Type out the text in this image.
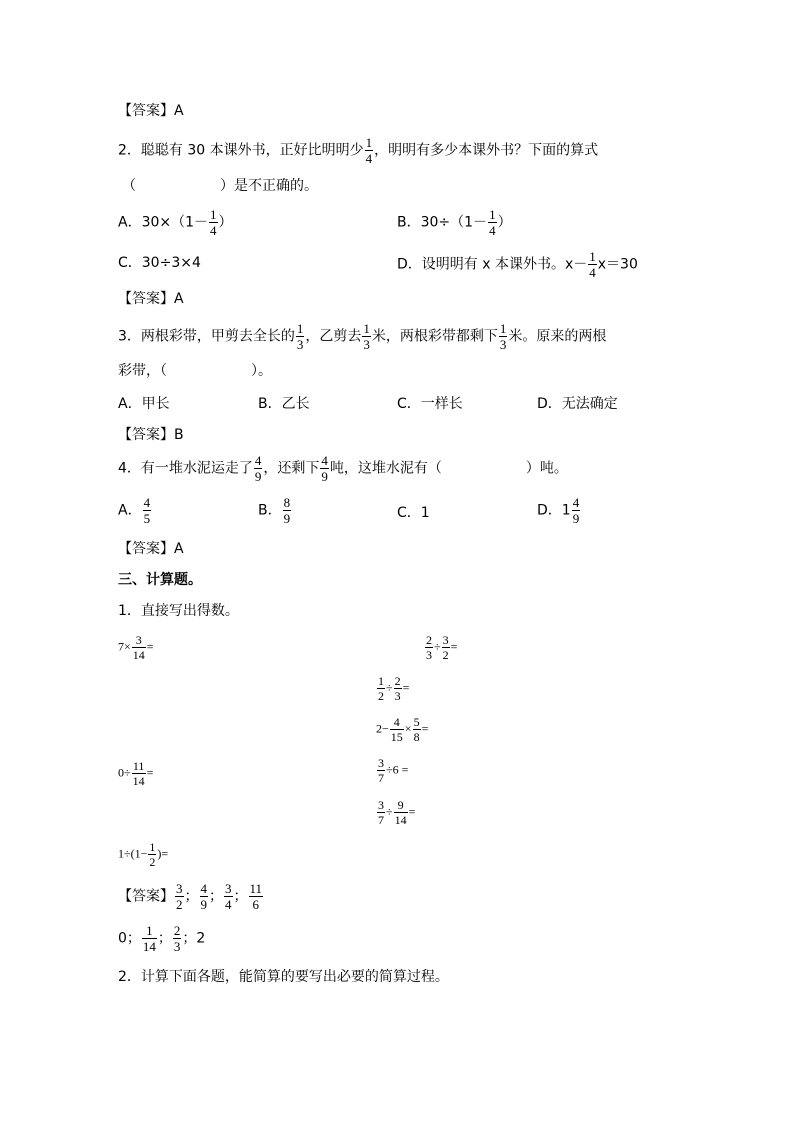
【答案】A
2．聪聪有 30 本课外书，正好比明明少 $\frac{1}{4}$ ，明明有多少本课外书？下面的算式
（　　　　　　）是不正确的。
A．$30\times(1- \frac{1}{4}$ ）	B．$30\div(1- \frac{1}{4}$ ）
C．30÷3×4	D．设明明有 x 本课外书。$x- \frac{1}{4} x=30$
【答案】A
3．两根彩带，甲剪去全长的 $\frac{1}{3}$ ，乙剪去 $\frac{1}{3}$ 米，两根彩带都剩下 $\frac{1}{3}$ 米。原来的两根
彩带，（　　　　　　）。
A．甲长	B．乙长	C．一样长	D．无法确定
【答案】B
4．有一堆水泥运走了 $\frac{4}{9}$ ，还剩下 $\frac{4}{9}$ 吨，这堆水泥有（　　　　　　）吨。
A． $\frac{4}{5}$	B． $\frac{8}{9}$	C．1	D．$1 \frac{4}{9}$
【答案】A
三、计算题。
1．直接写出得数。
$7\times \frac{3}{14}$ =	$\frac{2}{3} \div \frac{3}{2}$ =
$\frac{1}{2} \div \frac{2}{3}$ =
$2- \frac{4}{15} \times \frac{5}{8}$ =
$0\div \frac{11}{14}$ =	$\frac{3}{7} \div 6$ =
$\frac{3}{7} \div \frac{9}{14}$ =
$1\div(1- \frac{1}{2}$ )=
【答案】 $\frac{3}{2}$ ； $\frac{4}{9}$ ； $\frac{3}{4}$ ； $\frac{11}{6}$
0； $\frac{1}{14}$ ； $\frac{2}{3}$ ；2
2．计算下面各题，能简算的要写出必要的简算过程。
